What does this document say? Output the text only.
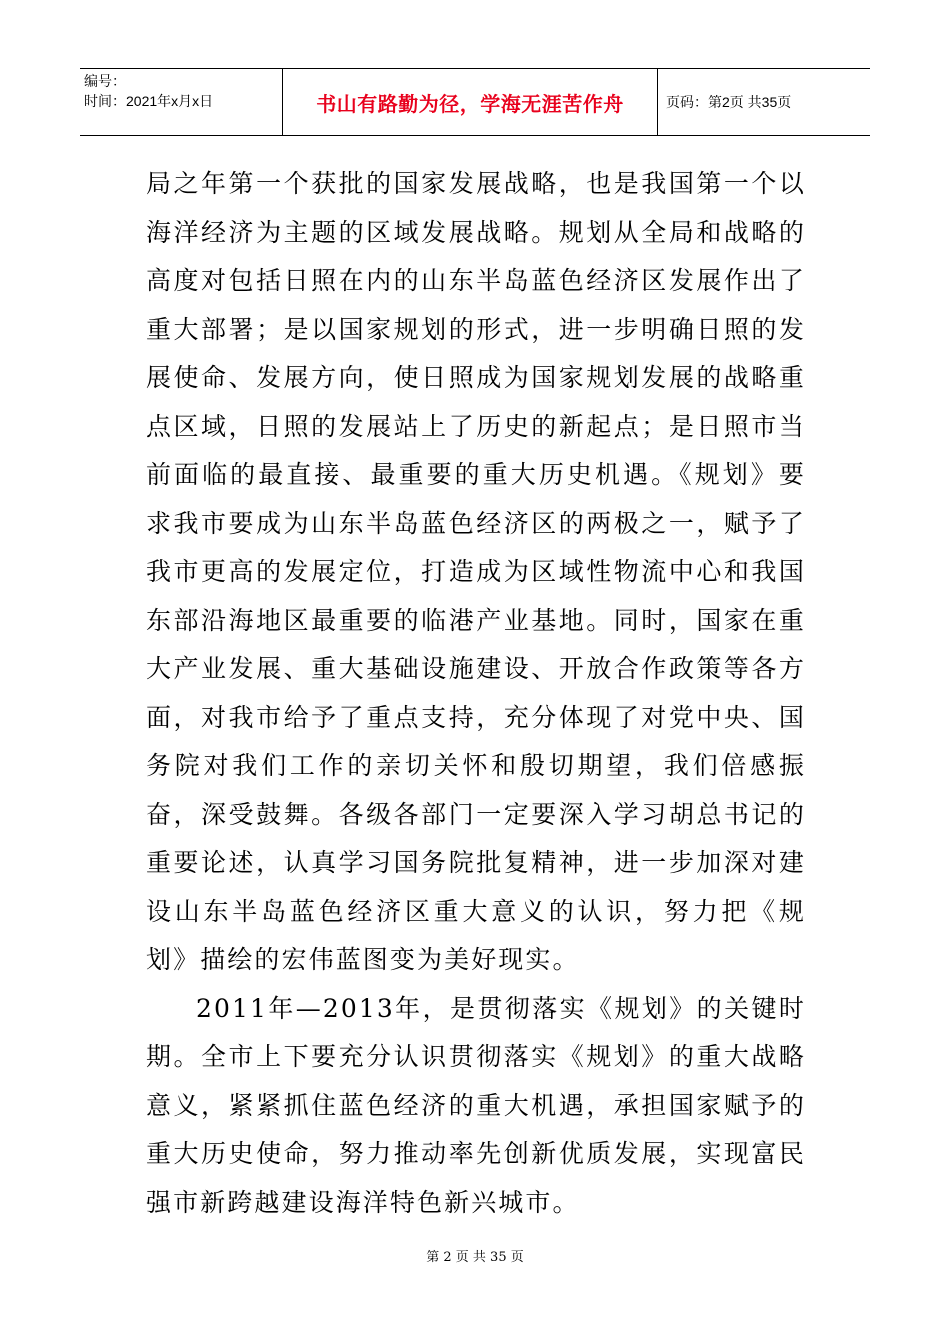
编号：
时间：2021年x月x日	书山有路勤为径，学海无涯苦作舟	页码：第2页 共35页

局之年第一个获批的国家发展战略，也是我国第一个以海洋经济为主题的区域发展战略。规划从全局和战略的高度对包括日照在内的山东半岛蓝色经济区发展作出了重大部署；是以国家规划的形式，进一步明确日照的发展使命、发展方向，使日照成为国家规划发展的战略重点区域，日照的发展站上了历史的新起点；是日照市当前面临的最直接、最重要的重大历史机遇。《规划》要求我市要成为山东半岛蓝色经济区的两极之一，赋予了我市更高的发展定位，打造成为区域性物流中心和我国东部沿海地区最重要的临港产业基地。同时，国家在重大产业发展、重大基础设施建设、开放合作政策等各方面，对我市给予了重点支持，充分体现了对党中央、国务院对我们工作的亲切关怀和殷切期望，我们倍感振奋，深受鼓舞。各级各部门一定要深入学习胡总书记的重要论述，认真学习国务院批复精神，进一步加深对建设山东半岛蓝色经济区重大意义的认识，努力把《规划》描绘的宏伟蓝图变为美好现实。

2011年—2013年，是贯彻落实《规划》的关键时期。全市上下要充分认识贯彻落实《规划》的重大战略意义，紧紧抓住蓝色经济的重大机遇，承担国家赋予的重大历史使命，努力推动率先创新优质发展，实现富民强市新跨越建设海洋特色新兴城市。

第 2 页 共 35 页
